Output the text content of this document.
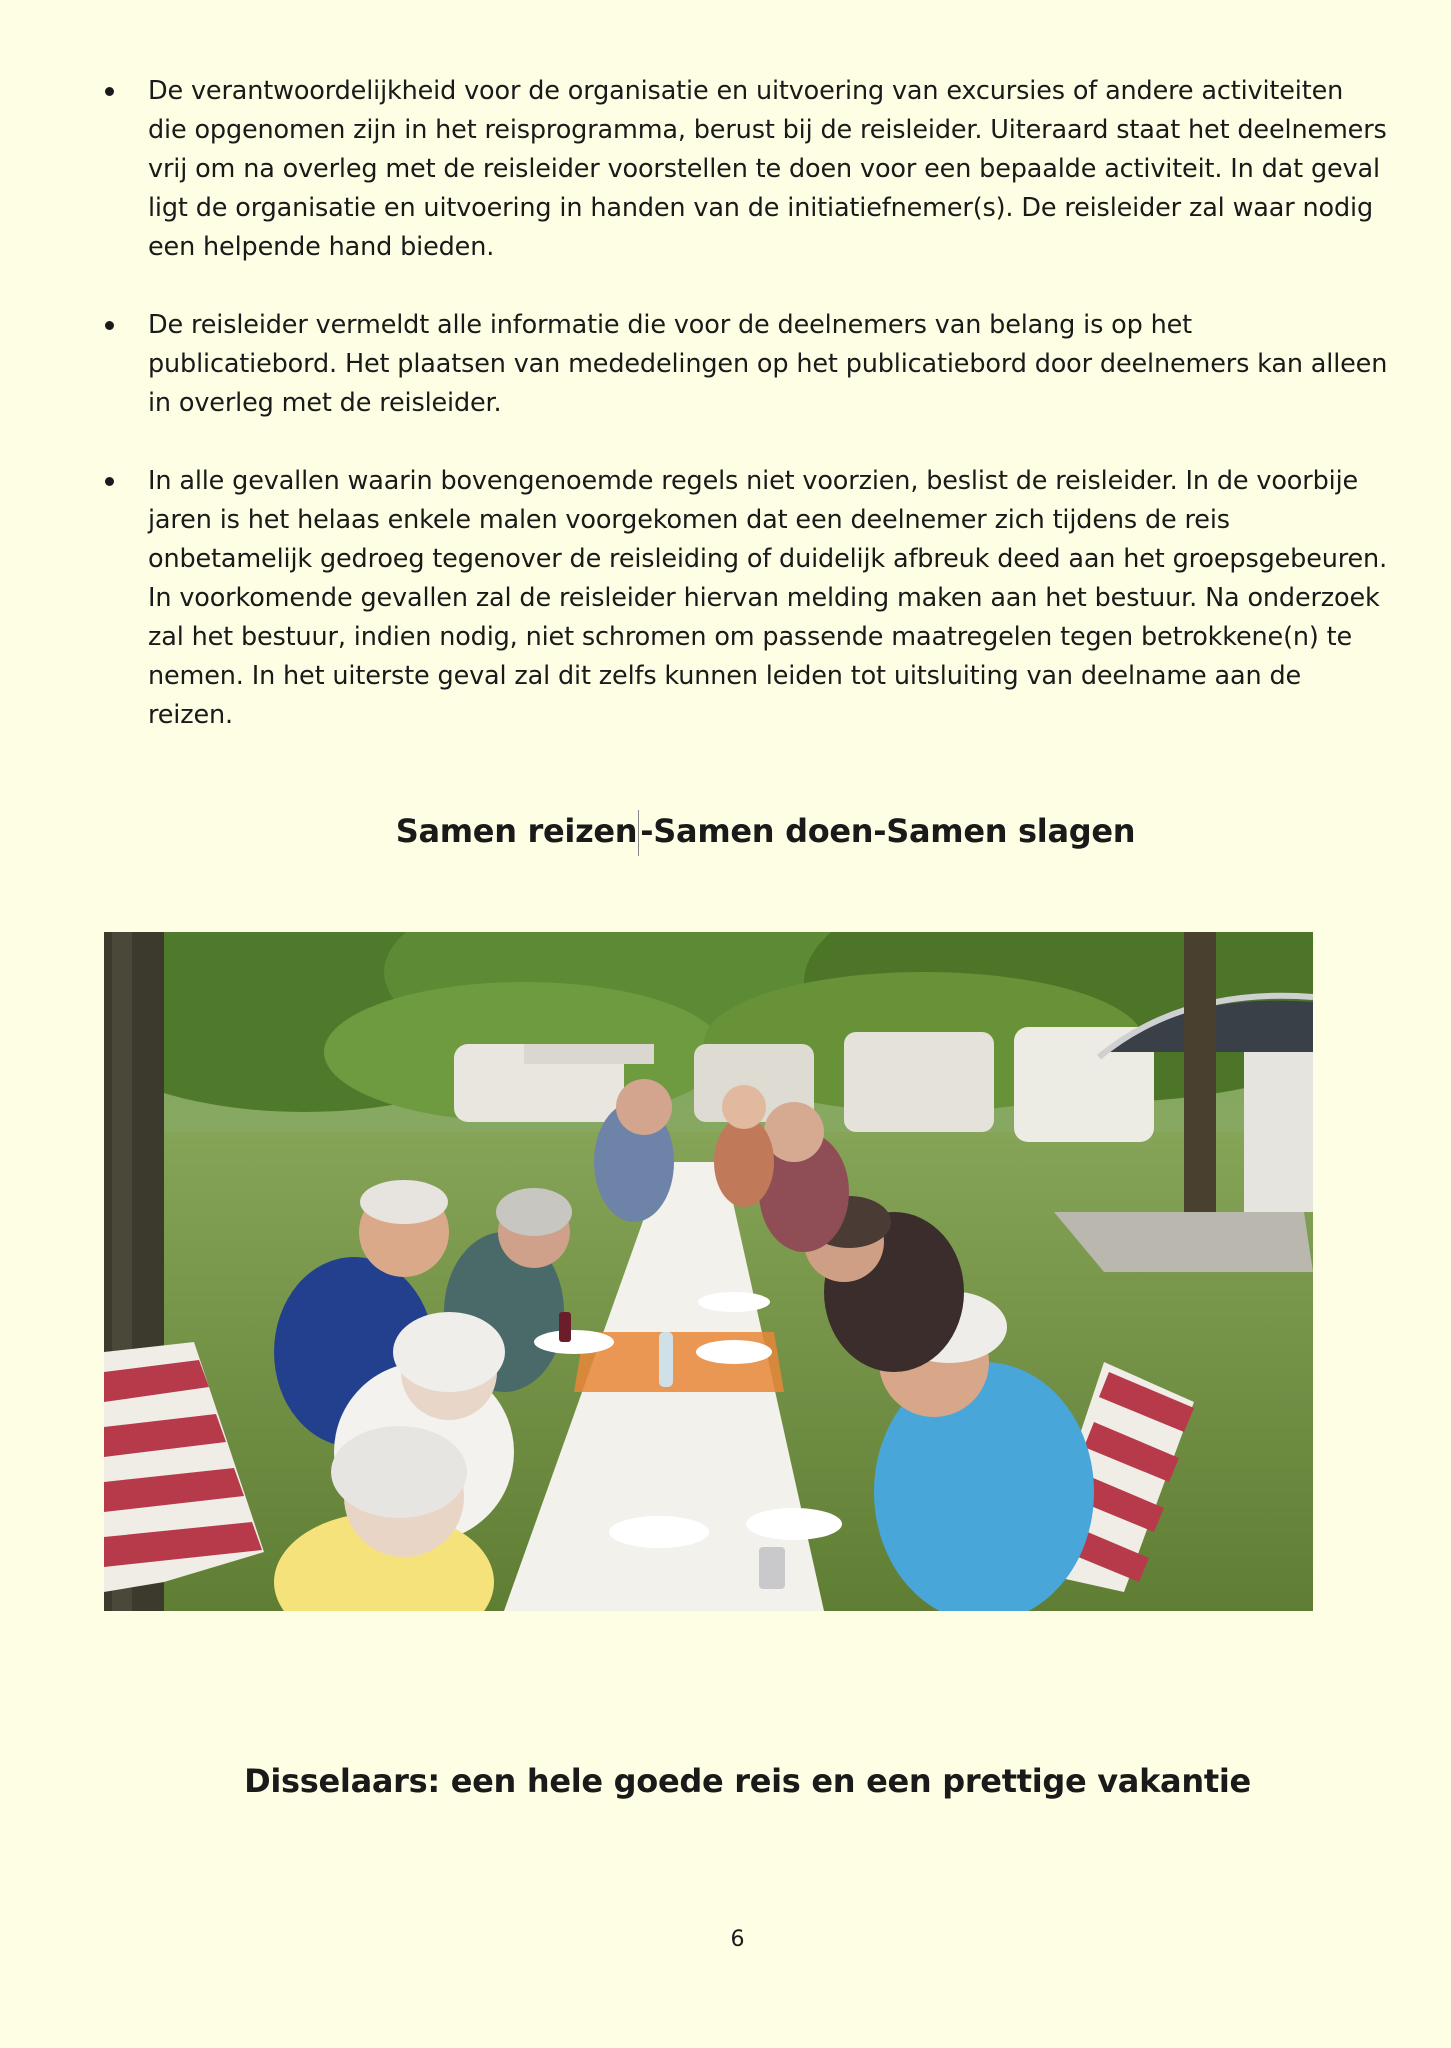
De verantwoordelijkheid voor de organisatie en uitvoering van excursies of andere activiteiten die opgenomen zijn in het reisprogramma, berust bij de reisleider. Uiteraard staat het deelnemers vrij om na overleg met de reisleider voorstellen te doen voor een bepaalde activiteit. In dat geval ligt de organisatie en uitvoering in handen van de initiatiefnemer(s). De reisleider zal waar nodig een helpende hand bieden.

De reisleider vermeldt alle informatie die voor de deelnemers van belang is op het publicatiebord. Het plaatsen van mededelingen op het publicatiebord door deelnemers kan alleen in overleg met de reisleider.

In alle gevallen waarin bovengenoemde regels niet voorzien, beslist de reisleider. In de voorbije jaren is het helaas enkele malen voorgekomen dat een deelnemer zich tijdens de reis onbetamelijk gedroeg tegenover de reisleiding of duidelijk afbreuk deed aan het groepsgebeuren. In voorkomende gevallen zal de reisleider hiervan melding maken aan het bestuur. Na onderzoek zal het bestuur, indien nodig, niet schromen om passende maatregelen tegen betrokkene(n) te nemen. In het uiterste geval zal dit zelfs kunnen leiden tot uitsluiting van deelname aan de reizen.

Samen reizen-Samen doen-Samen slagen
Disselaars: een hele goede reis en een prettige vakantie

6
